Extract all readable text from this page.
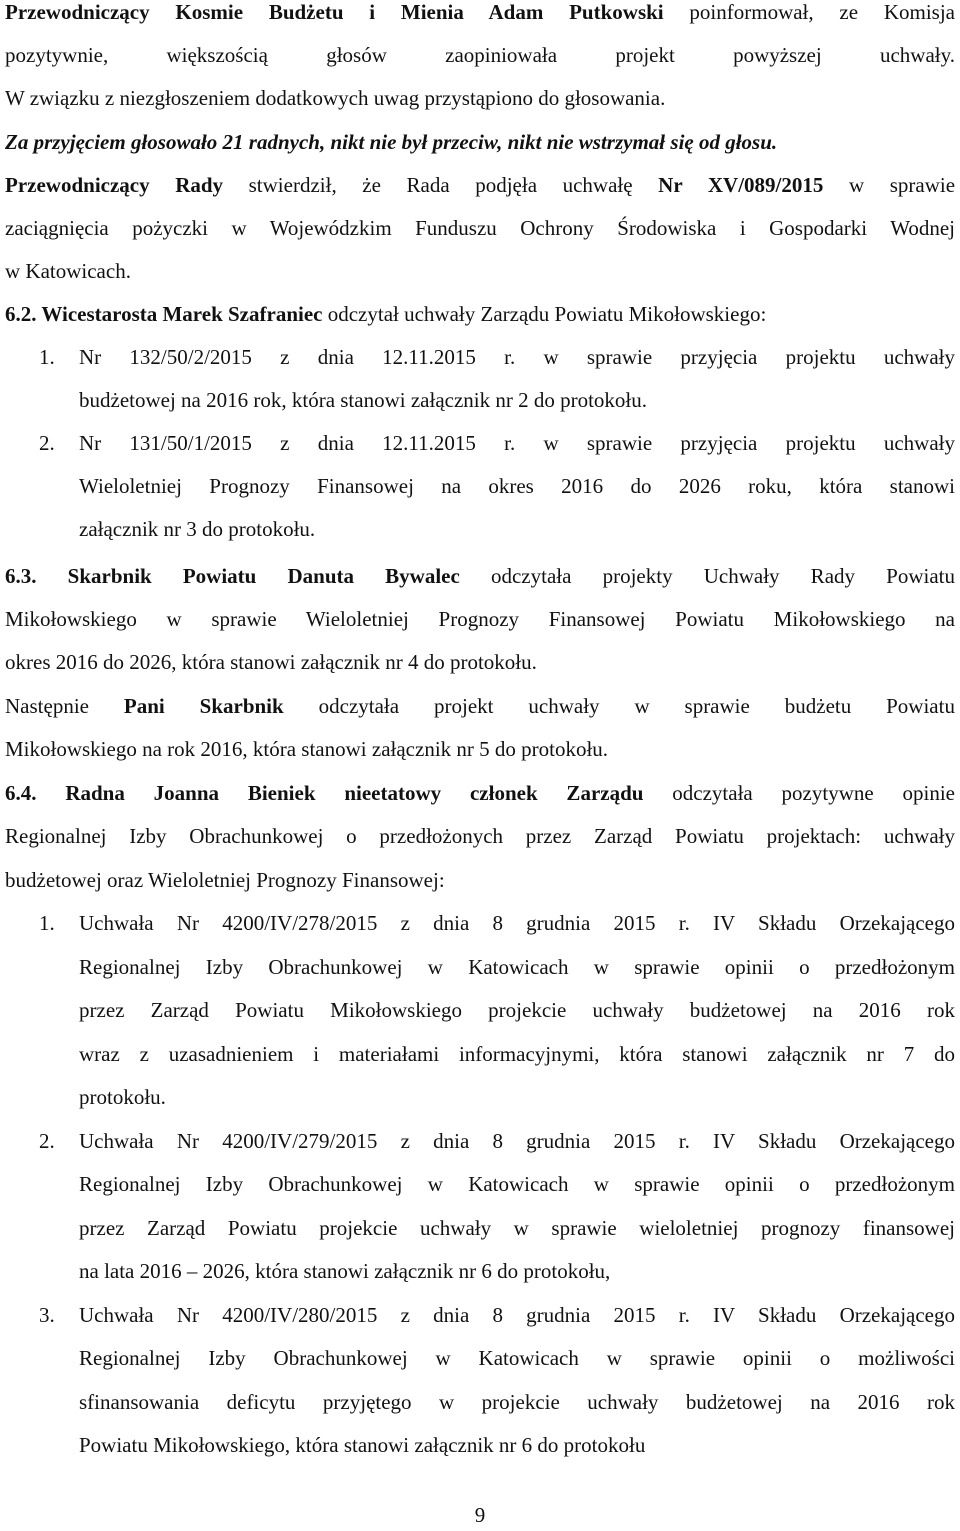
Przewodniczący Kosmie Budżetu i Mienia Adam Putkowski poinformował, ze Komisja
pozytywnie, większością głosów zaopiniowała projekt powyższej uchwały.
W związku z niezgłoszeniem dodatkowych uwag przystąpiono do głosowania.
Za przyjęciem głosowało 21 radnych, nikt nie był przeciw, nikt nie wstrzymał się od głosu.
Przewodniczący Rady stwierdził, że Rada podjęła uchwałę Nr XV/089/2015 w sprawie
zaciągnięcia pożyczki w Wojewódzkim Funduszu Ochrony Środowiska i Gospodarki Wodnej
w Katowicach.
6.2. Wicestarosta Marek Szafraniec odczytał uchwały Zarządu Powiatu Mikołowskiego:
1. Nr 132/50/2/2015 z dnia 12.11.2015 r. w sprawie przyjęcia projektu uchwały
budżetowej na 2016 rok, która stanowi załącznik nr 2 do protokołu.
2. Nr 131/50/1/2015 z dnia 12.11.2015 r. w sprawie przyjęcia projektu uchwały
Wieloletniej Prognozy Finansowej na okres 2016 do 2026 roku, która stanowi
załącznik nr 3 do protokołu.
6.3. Skarbnik Powiatu Danuta Bywalec odczytała projekty Uchwały Rady Powiatu
Mikołowskiego w sprawie Wieloletniej Prognozy Finansowej Powiatu Mikołowskiego na
okres 2016 do 2026, która stanowi załącznik nr 4 do protokołu.
Następnie Pani Skarbnik odczytała projekt uchwały w sprawie budżetu Powiatu
Mikołowskiego na rok 2016, która stanowi załącznik nr 5 do protokołu.
6.4. Radna Joanna Bieniek nieetatowy członek Zarządu odczytała pozytywne opinie
Regionalnej Izby Obrachunkowej o przedłożonych przez Zarząd Powiatu projektach: uchwały
budżetowej oraz Wieloletniej Prognozy Finansowej:
1. Uchwała Nr 4200/IV/278/2015 z dnia 8 grudnia 2015 r. IV Składu Orzekającego
Regionalnej Izby Obrachunkowej w Katowicach w sprawie opinii o przedłożonym
przez Zarząd Powiatu Mikołowskiego projekcie uchwały budżetowej na 2016 rok
wraz z uzasadnieniem i materiałami informacyjnymi, która stanowi załącznik nr 7 do
protokołu.
2. Uchwała Nr 4200/IV/279/2015 z dnia 8 grudnia 2015 r. IV Składu Orzekającego
Regionalnej Izby Obrachunkowej w Katowicach w sprawie opinii o przedłożonym
przez Zarząd Powiatu projekcie uchwały w sprawie wieloletniej prognozy finansowej
na lata 2016 – 2026, która stanowi załącznik nr 6 do protokołu,
3. Uchwała Nr 4200/IV/280/2015 z dnia 8 grudnia 2015 r. IV Składu Orzekającego
Regionalnej Izby Obrachunkowej w Katowicach w sprawie opinii o możliwości
sfinansowania deficytu przyjętego w projekcie uchwały budżetowej na 2016 rok
Powiatu Mikołowskiego, która stanowi załącznik nr 6 do protokołu
9
